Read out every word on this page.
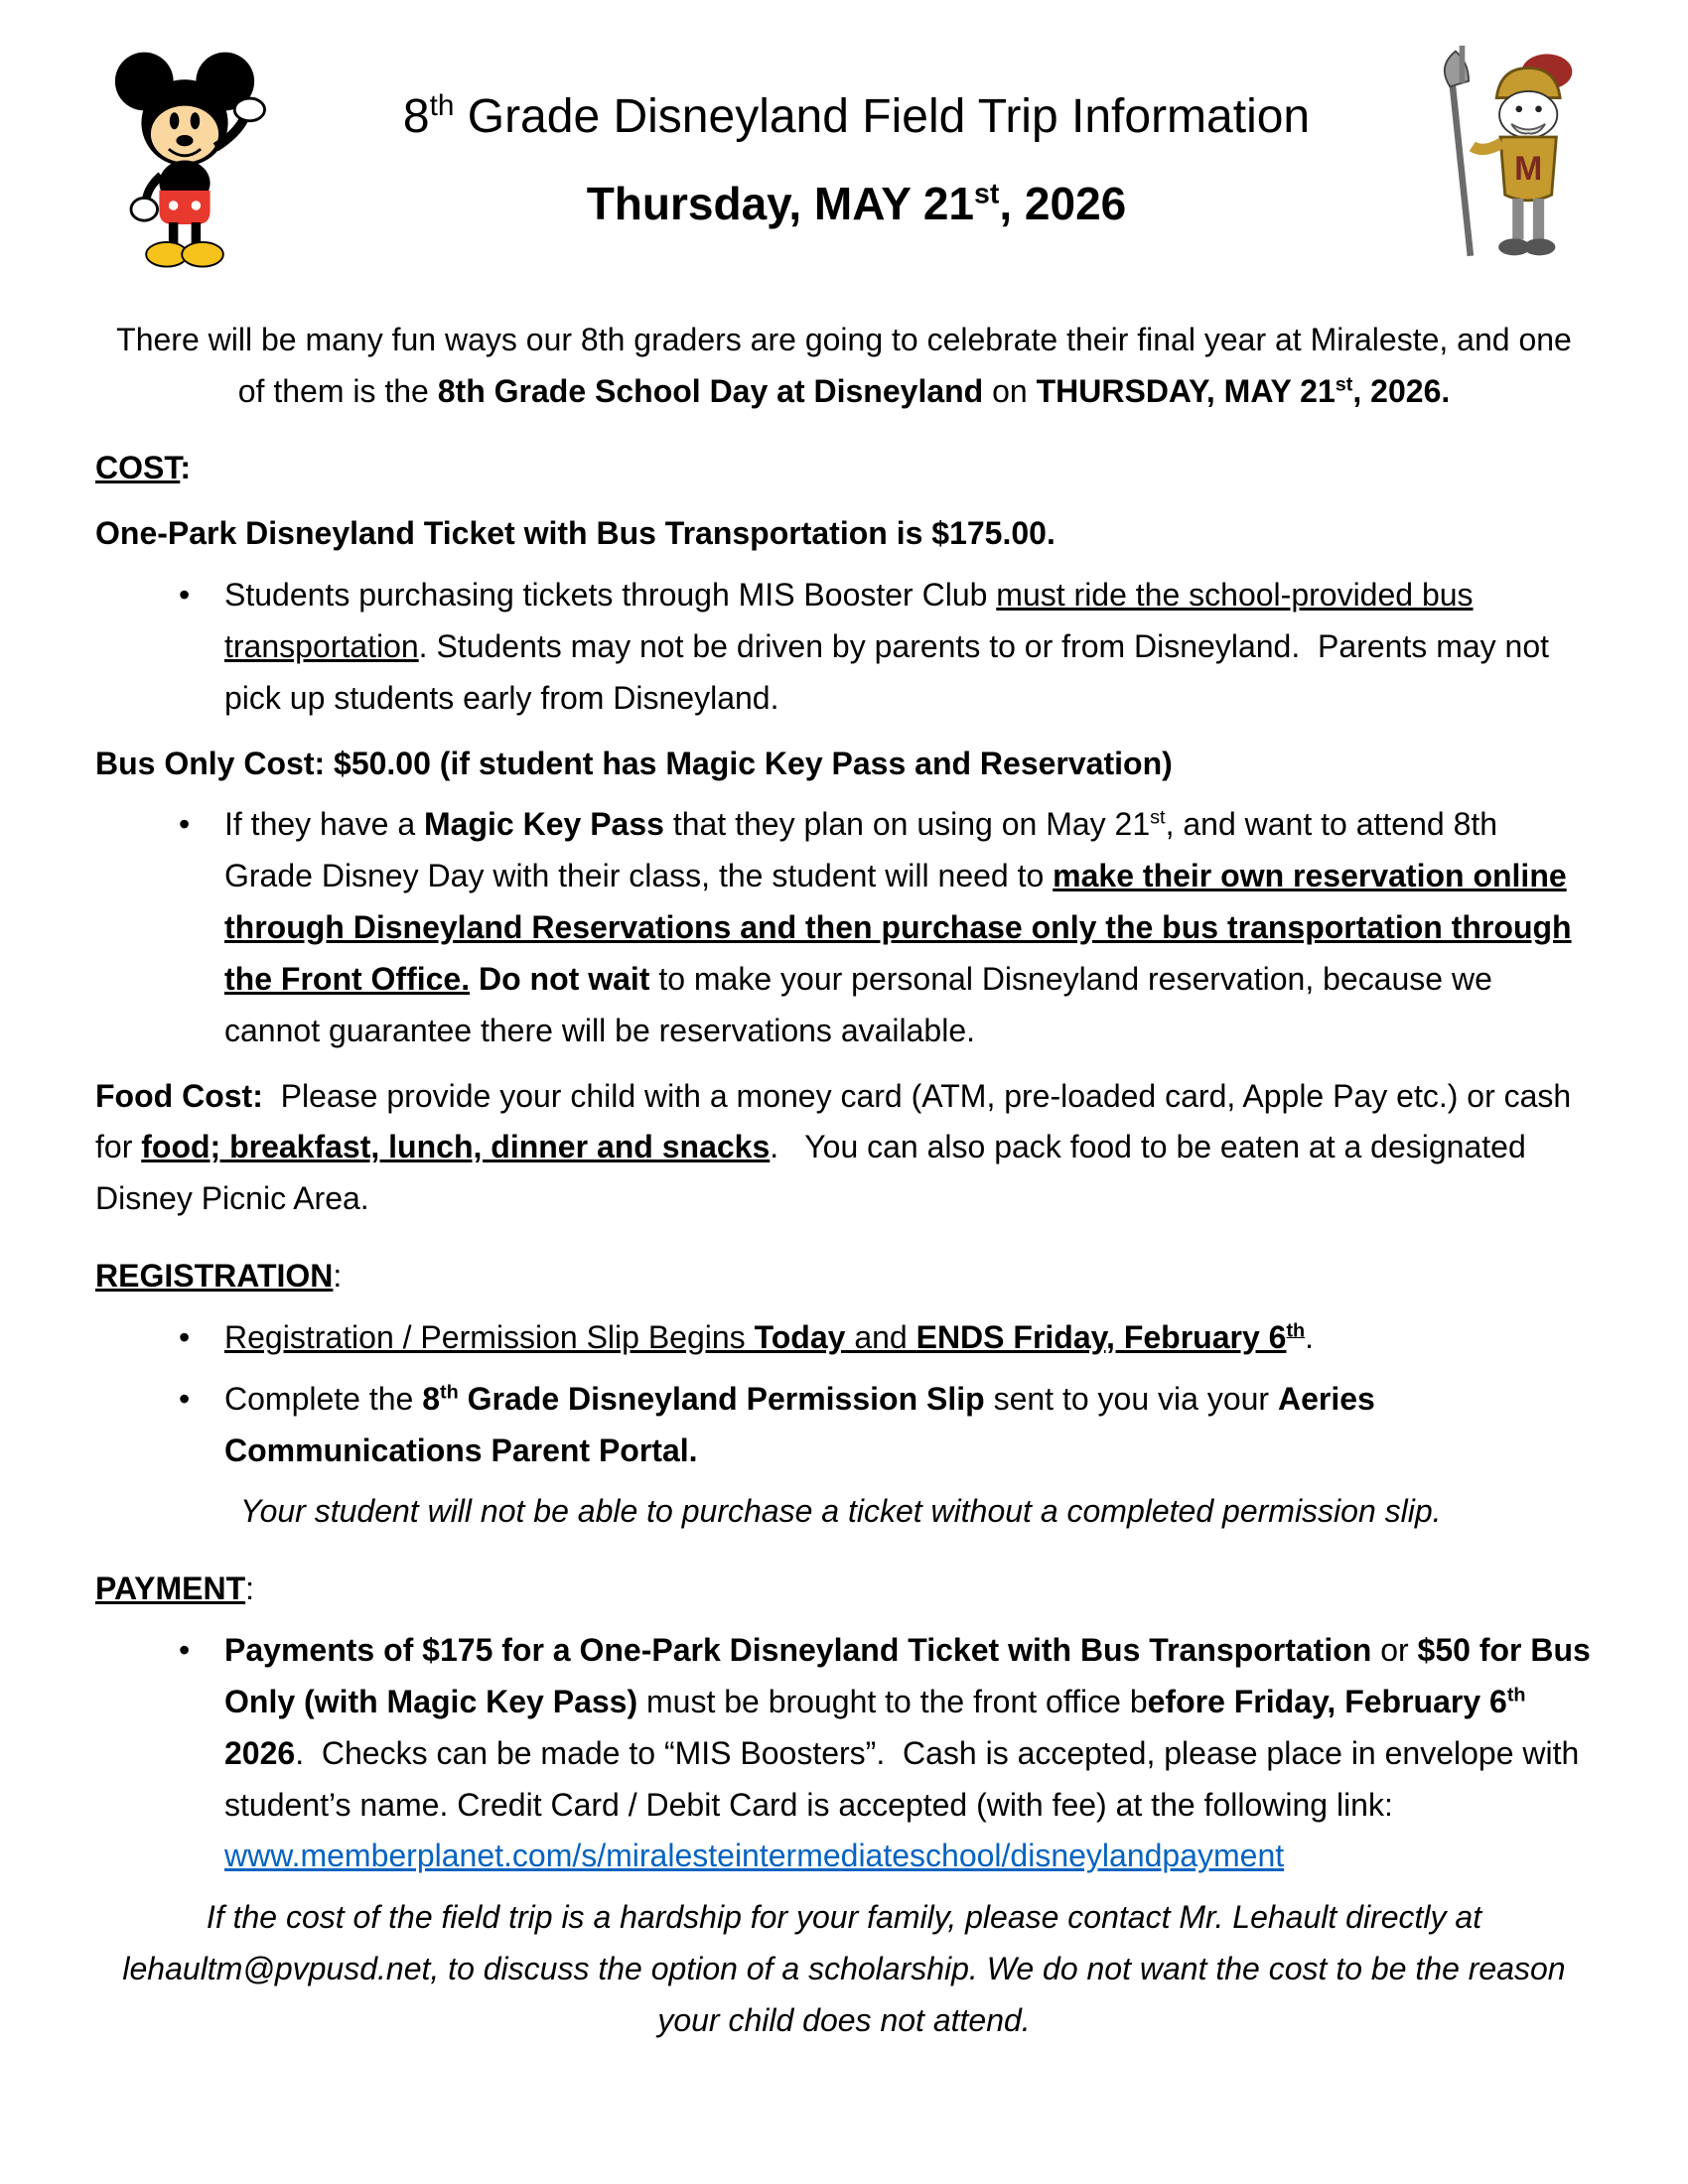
8th Grade Disneyland Field Trip Information
Thursday, MAY 21st, 2026
M

There will be many fun ways our 8th graders are going to celebrate their final year at Miraleste, and one of them is the 8th Grade School Day at Disneyland on THURSDAY, MAY 21st, 2026.

COST:

One-Park Disneyland Ticket with Bus Transportation is $175.00.

•
Students purchasing tickets through MIS Booster Club must ride the school-provided bus transportation. Students may not be driven by parents to or from Disneyland.  Parents may not pick up students early from Disneyland.

Bus Only Cost: $50.00 (if student has Magic Key Pass and Reservation)

•
If they have a Magic Key Pass that they plan on using on May 21st, and want to attend 8th Grade Disney Day with their class, the student will need to make their own reservation online through Disneyland Reservations and then purchase only the bus transportation through the Front Office. Do not wait to make your personal Disneyland reservation, because we cannot guarantee there will be reservations available.

Food Cost:  Please provide your child with a money card (ATM, pre-loaded card, Apple Pay etc.) or cash for food; breakfast, lunch, dinner and snacks.   You can also pack food to be eaten at a designated Disney Picnic Area.

REGISTRATION:

•
Registration / Permission Slip Begins Today and ENDS Friday, February 6th.
•
Complete the 8th Grade Disneyland Permission Slip sent to you via your Aeries Communications Parent Portal.

Your student will not be able to purchase a ticket without a completed permission slip.

PAYMENT:

•
Payments of $175 for a One-Park Disneyland Ticket with Bus Transportation or $50 for Bus Only (with Magic Key Pass) must be brought to the front office before Friday, February 6th 2026.  Checks can be made to “MIS Boosters”.  Cash is accepted, please place in envelope with student’s name. Credit Card / Debit Card is accepted (with fee) at the following link: www.memberplanet.com/s/miralesteintermediateschool/disneylandpayment

If the cost of the field trip is a hardship for your family, please contact Mr. Lehault directly at lehaultm@pvpusd.net, to discuss the option of a scholarship. We do not want the cost to be the reason your child does not attend.
